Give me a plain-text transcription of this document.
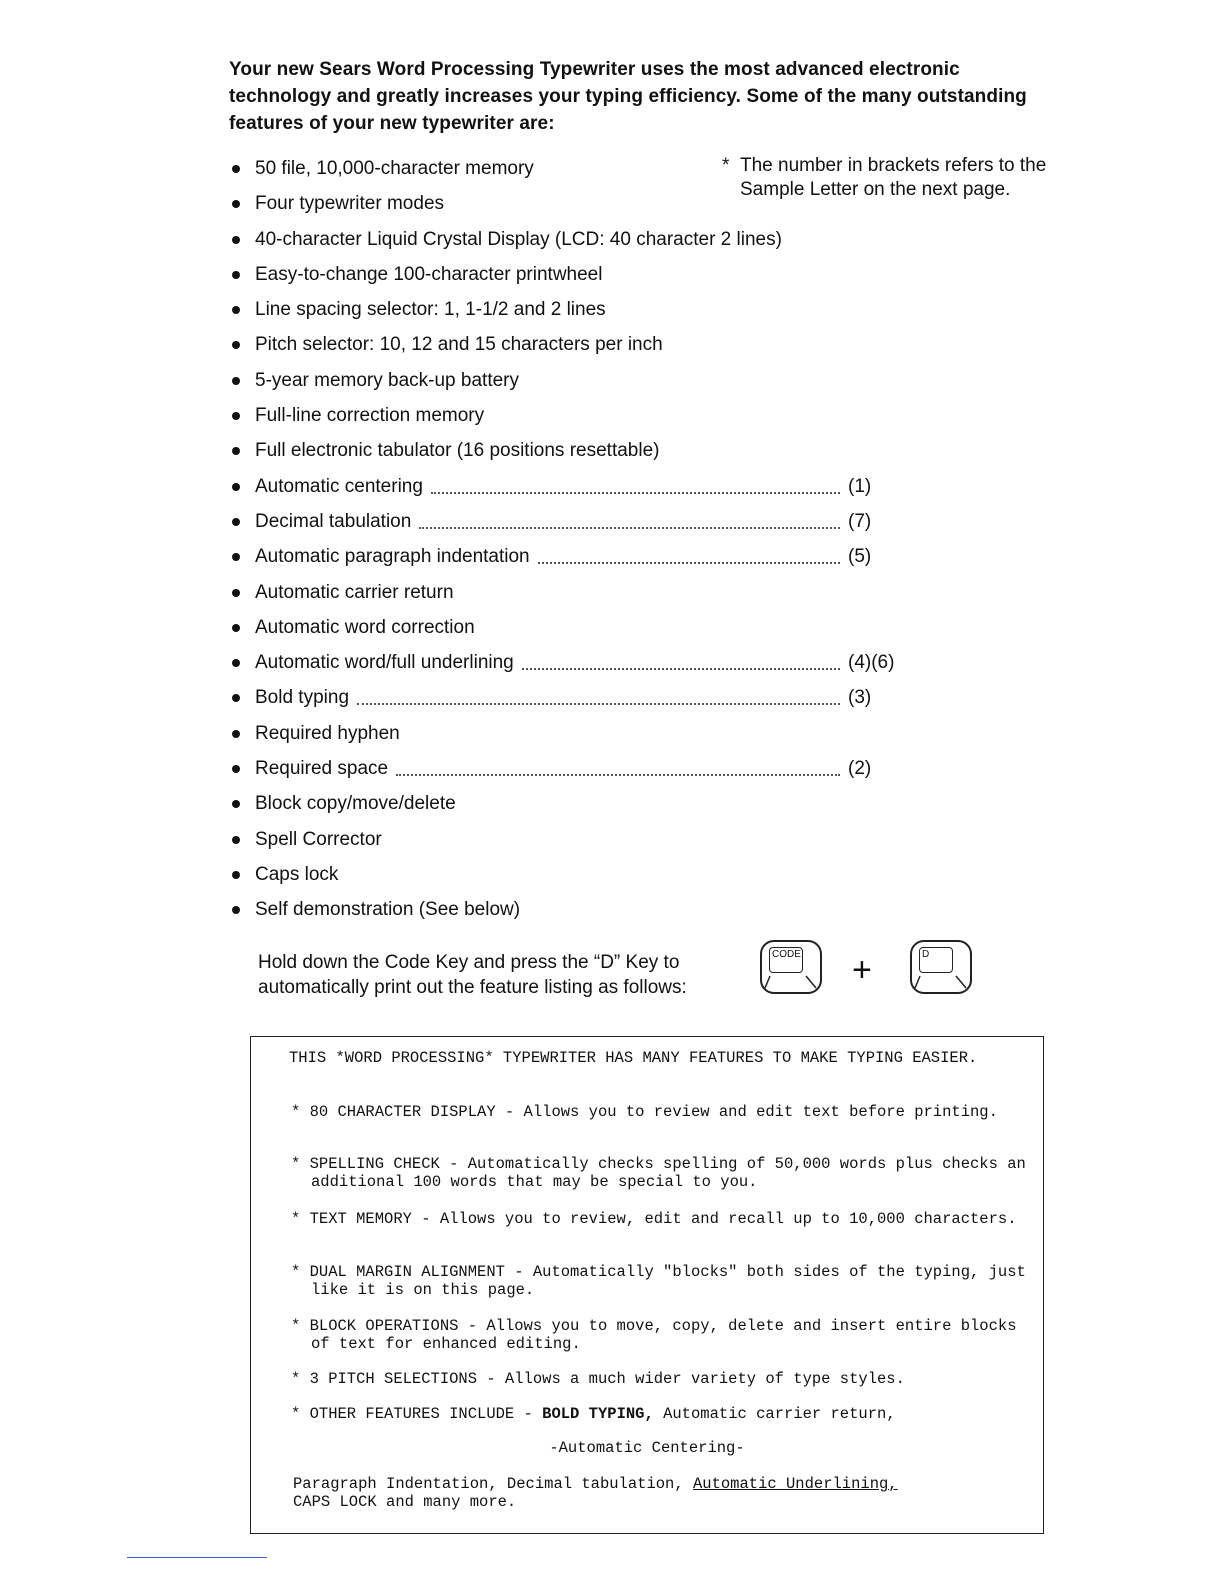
Your new Sears Word Processing Typewriter uses the most advanced electronic technology and greatly increases your typing efficiency. Some of the many outstanding features of your new typewriter are:
* The number in brackets refers to the Sample Letter on the next page.
50 file, 10,000-character memory
Four typewriter modes
40-character Liquid Crystal Display (LCD: 40 character 2 lines)
Easy-to-change 100-character printwheel
Line spacing selector: 1, 1-1/2 and 2 lines
Pitch selector: 10, 12 and 15 characters per inch
5-year memory back-up battery
Full-line correction memory
Full electronic tabulator (16 positions resettable)
Automatic centering	(1)
Decimal tabulation	(7)
Automatic paragraph indentation	(5)
Automatic carrier return
Automatic word correction
Automatic word/full underlining	(4)(6)
Bold typing	(3)
Required hyphen
Required space	(2)
Block copy/move/delete
Spell Corrector
Caps lock
Self demonstration (See below)
Hold down the Code Key and press the “D” Key to automatically print out the feature listing as follows:
CODE +	D
THIS *WORD PROCESSING* TYPEWRITER HAS MANY FEATURES TO MAKE TYPING EASIER.
* 80 CHARACTER DISPLAY - Allows you to review and edit text before printing.
* SPELLING CHECK - Automatically checks spelling of 50,000 words plus checks an additional 100 words that may be special to you.
* TEXT MEMORY - Allows you to review, edit and recall up to 10,000 characters.
* DUAL MARGIN ALIGNMENT - Automatically "blocks" both sides of the typing, just like it is on this page.
* BLOCK OPERATIONS - Allows you to move, copy, delete and insert entire blocks of text for enhanced editing.
* 3 PITCH SELECTIONS - Allows a much wider variety of type styles.
* OTHER FEATURES INCLUDE - BOLD TYPING, Automatic carrier return,
-Automatic Centering-
Paragraph Indentation, Decimal tabulation, Automatic Underlining,
CAPS LOCK and many more.
